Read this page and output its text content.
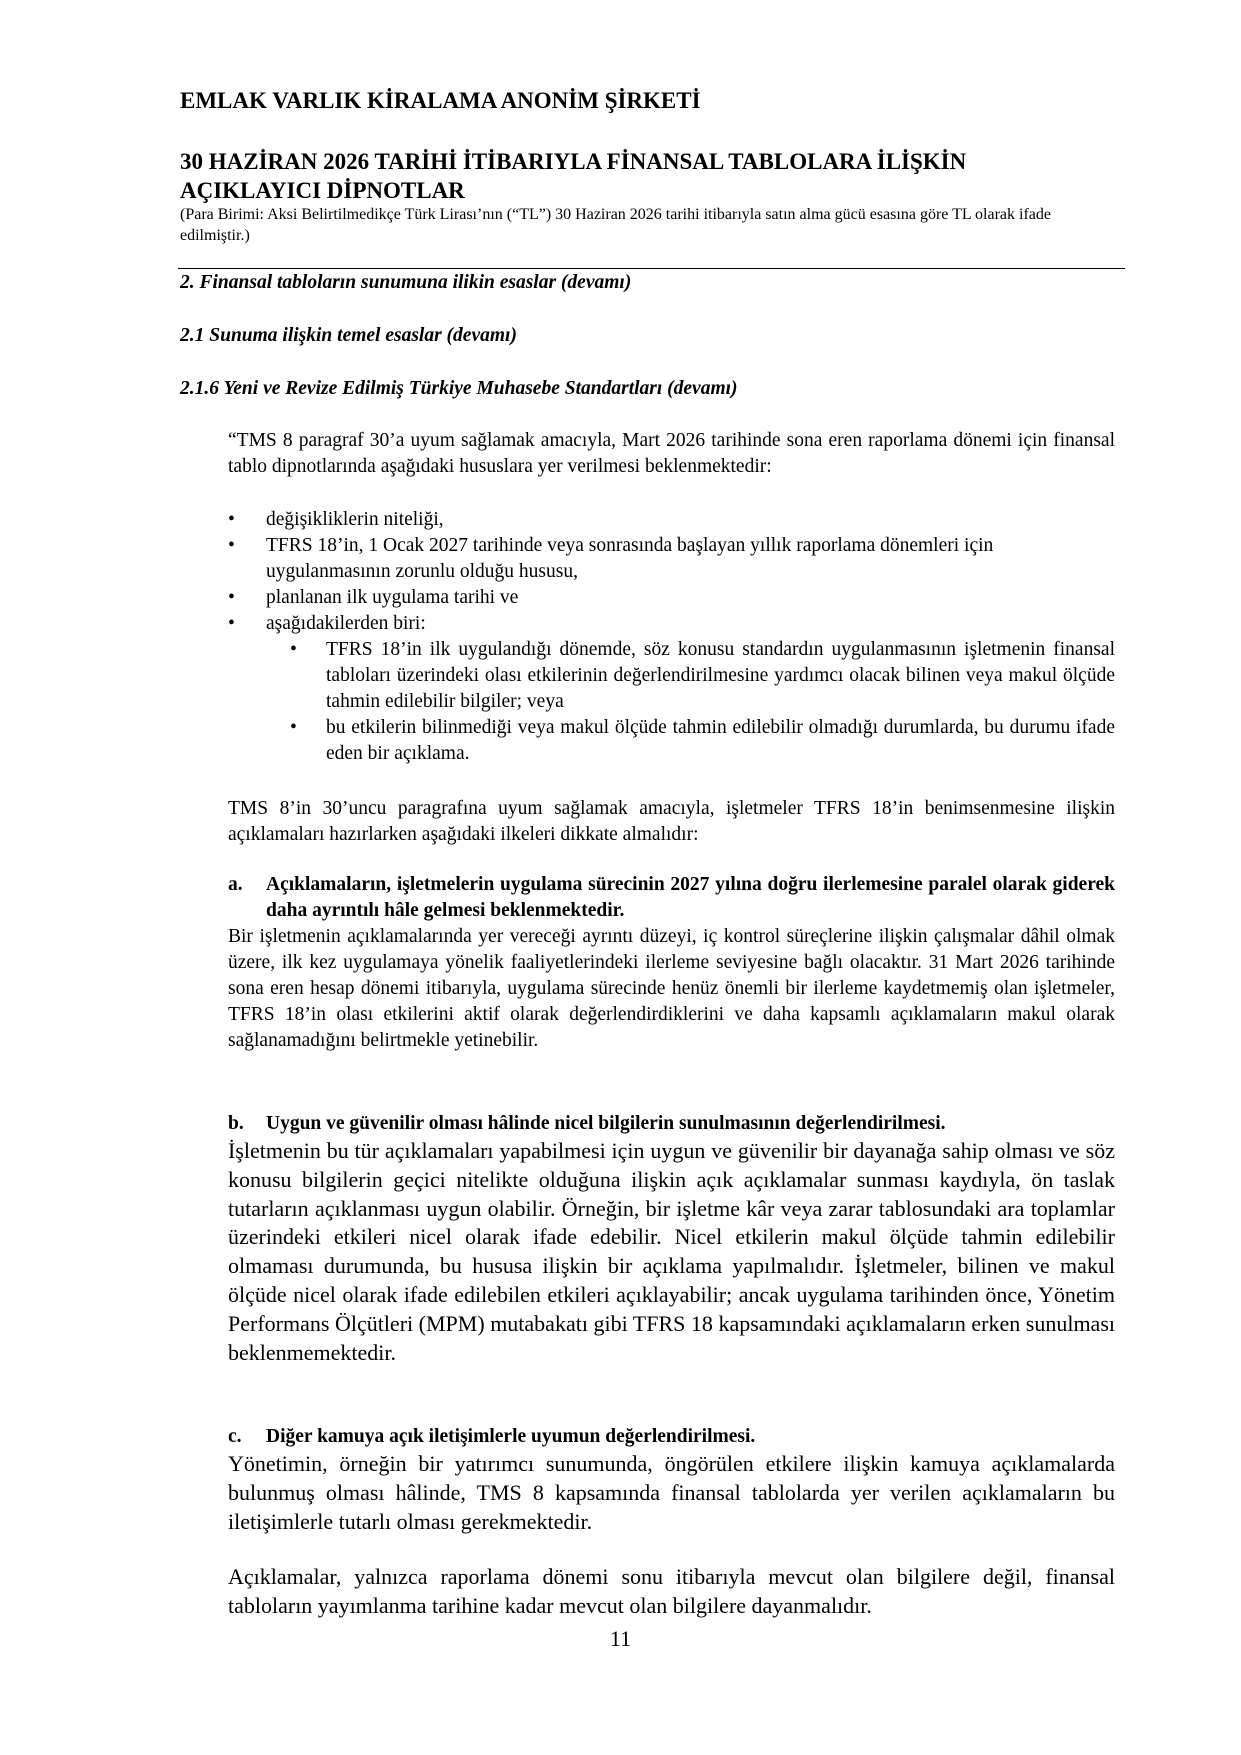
EMLAK VARLIK KİRALAMA ANONİM ŞİRKETİ

30 HAZİRAN 2026 TARİHİ İTİBARIYLA FİNANSAL TABLOLARA İLİŞKİN
AÇIKLAYICI DİPNOTLAR

(Para Birimi: Aksi Belirtilmedikçe Türk Lirası’nın (“TL”) 30 Haziran 2026 tarihi itibarıyla satın alma gücü esasına göre TL olarak ifade edilmiştir.)

2. Finansal tabloların sunumuna ilikin esaslar (devamı)

2.1 Sunuma ilişkin temel esaslar (devamı)

2.1.6 Yeni ve Revize Edilmiş Türkiye Muhasebe Standartları (devamı)

“TMS 8 paragraf 30’a uyum sağlamak amacıyla, Mart 2026 tarihinde sona eren raporlama dönemi için finansal tablo dipnotlarında aşağıdaki hususlara yer verilmesi beklenmektedir:

• değişikliklerin niteliği,
• TFRS 18’in, 1 Ocak 2027 tarihinde veya sonrasında başlayan yıllık raporlama dönemleri için uygulanmasının zorunlu olduğu hususu,
• planlanan ilk uygulama tarihi ve
• aşağıdakilerden biri:
• TFRS 18’in ilk uygulandığı dönemde, söz konusu standardın uygulanmasının işletmenin finansal tabloları üzerindeki olası etkilerinin değerlendirilmesine yardımcı olacak bilinen veya makul ölçüde tahmin edilebilir bilgiler; veya
• bu etkilerin bilinmediği veya makul ölçüde tahmin edilebilir olmadığı durumlarda, bu durumu ifade eden bir açıklama.

TMS 8’in 30’uncu paragrafına uyum sağlamak amacıyla, işletmeler TFRS 18’in benimsenmesine ilişkin açıklamaları hazırlarken aşağıdaki ilkeleri dikkate almalıdır:

a. Açıklamaların, işletmelerin uygulama sürecinin 2027 yılına doğru ilerlemesine paralel olarak giderek daha ayrıntılı hâle gelmesi beklenmektedir.
Bir işletmenin açıklamalarında yer vereceği ayrıntı düzeyi, iç kontrol süreçlerine ilişkin çalışmalar dâhil olmak üzere, ilk kez uygulamaya yönelik faaliyetlerindeki ilerleme seviyesine bağlı olacaktır. 31 Mart 2026 tarihinde sona eren hesap dönemi itibarıyla, uygulama sürecinde henüz önemli bir ilerleme kaydetmemiş olan işletmeler, TFRS 18’in olası etkilerini aktif olarak değerlendirdiklerini ve daha kapsamlı açıklamaların makul olarak sağlanamadığını belirtmekle yetinebilir.
b. Uygun ve güvenilir olması hâlinde nicel bilgilerin sunulmasının değerlendirilmesi.
İşletmenin bu tür açıklamaları yapabilmesi için uygun ve güvenilir bir dayanağa sahip olması ve söz konusu bilgilerin geçici nitelikte olduğuna ilişkin açık açıklamalar sunması kaydıyla, ön taslak tutarların açıklanması uygun olabilir. Örneğin, bir işletme kâr veya zarar tablosundaki ara toplamlar üzerindeki etkileri nicel olarak ifade edebilir. Nicel etkilerin makul ölçüde tahmin edilebilir olmaması durumunda, bu hususa ilişkin bir açıklama yapılmalıdır. İşletmeler, bilinen ve makul ölçüde nicel olarak ifade edilebilen etkileri açıklayabilir; ancak uygulama tarihinden önce, Yönetim Performans Ölçütleri (MPM) mutabakatı gibi TFRS 18 kapsamındaki açıklamaların erken sunulması beklenmemektedir.
c. Diğer kamuya açık iletişimlerle uyumun değerlendirilmesi.
Yönetimin, örneğin bir yatırımcı sunumunda, öngörülen etkilere ilişkin kamuya açıklamalarda bulunmuş olması hâlinde, TMS 8 kapsamında finansal tablolarda yer verilen açıklamaların bu iletişimlerle tutarlı olması gerekmektedir.

Açıklamalar, yalnızca raporlama dönemi sonu itibarıyla mevcut olan bilgilere değil, finansal tabloların yayımlanma tarihine kadar mevcut olan bilgilere dayanmalıdır.

11
